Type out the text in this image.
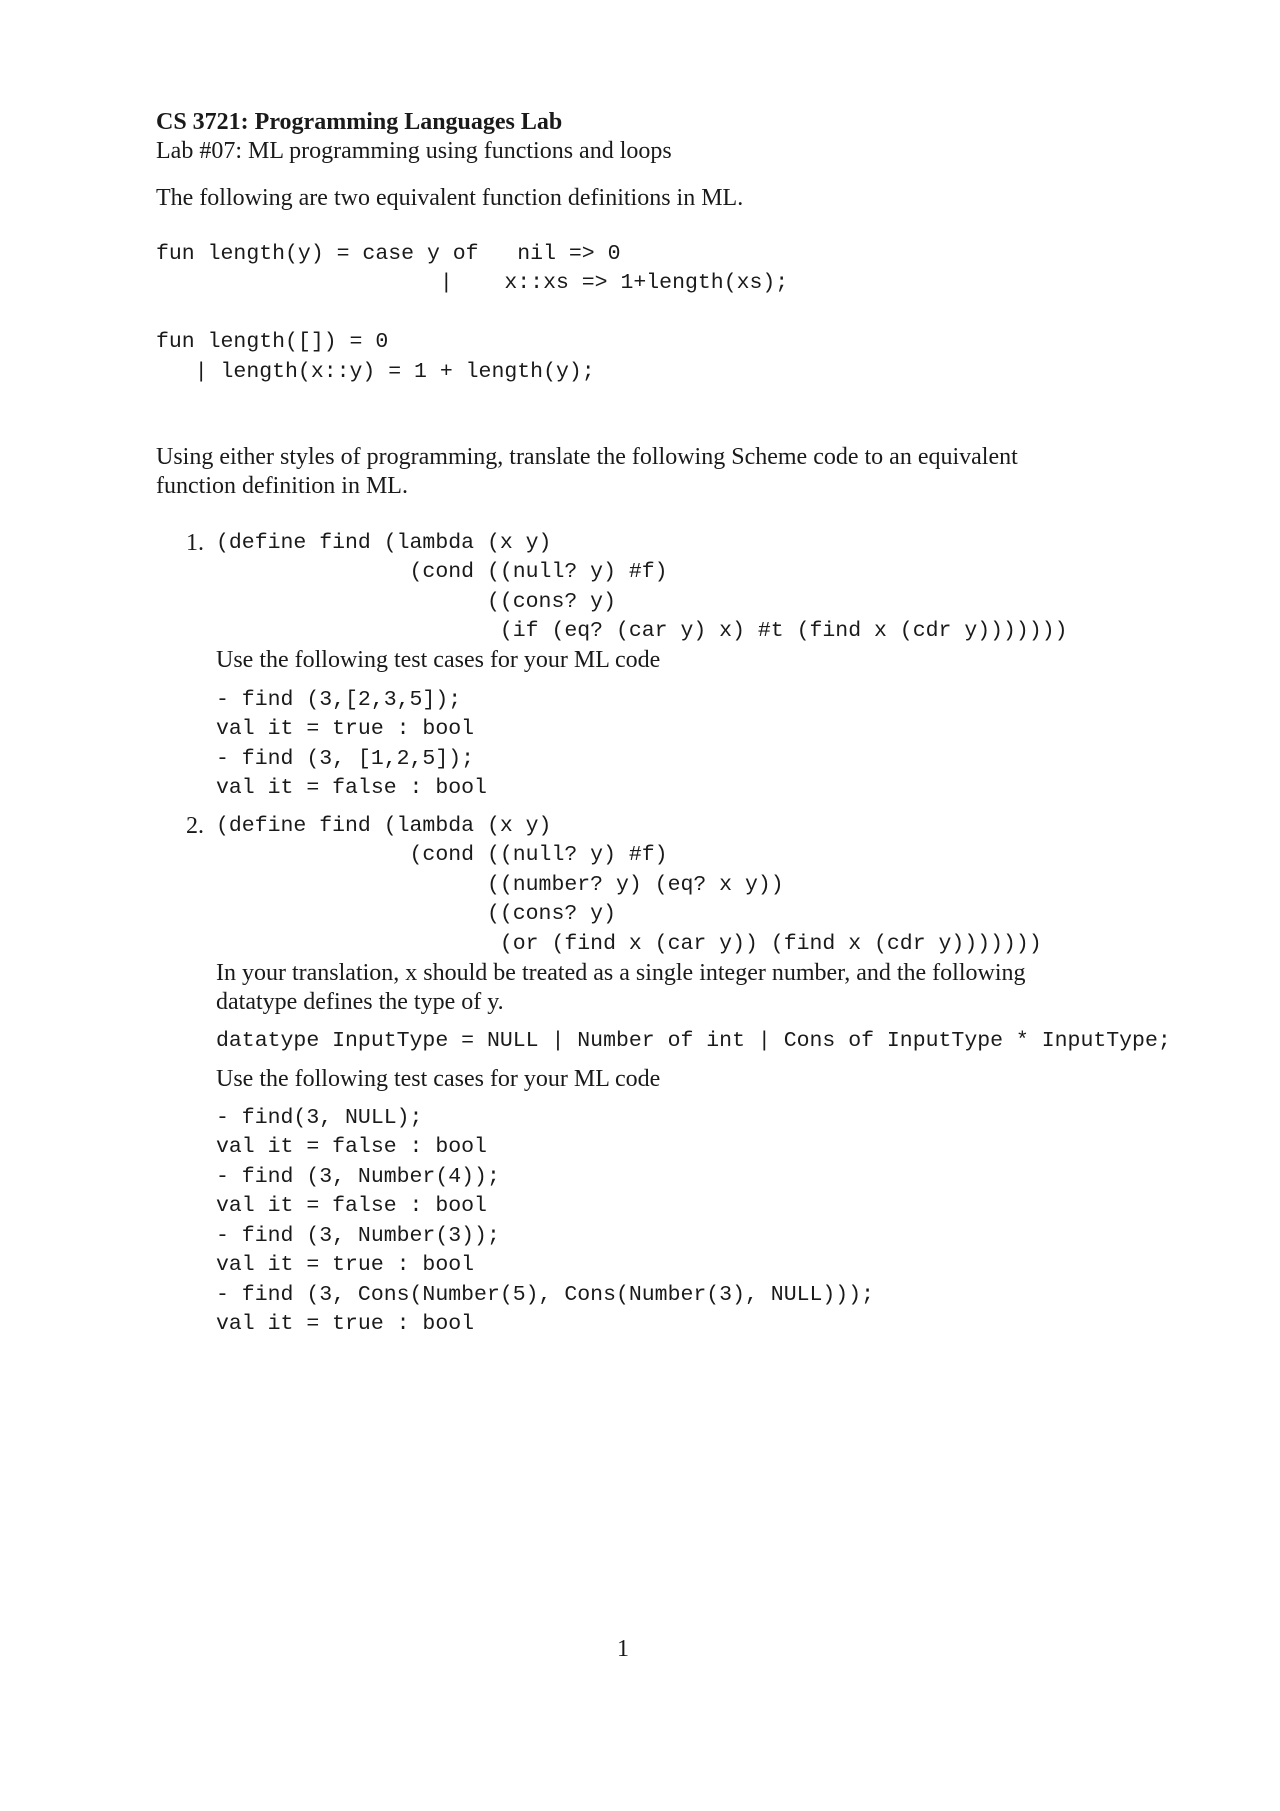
CS 3721: Programming Languages Lab
Lab #07: ML programming using functions and loops
The following are two equivalent function definitions in ML.
fun length(y) = case y of   nil => 0
|    x::xs => 1+length(xs);
fun length([]) = 0
| length(x::y) = 1 + length(y);
Using either styles of programming, translate the following Scheme code to an equivalent
function definition in ML.
1. (define find (lambda (x y)
(cond ((null? y) #f)
((cons? y)
(if (eq? (car y) x) #t (find x (cdr y)))))))
Use the following test cases for your ML code
- find (3,[2,3,5]);
val it = true : bool
- find (3, [1,2,5]);
val it = false : bool
2. (define find (lambda (x y)
(cond ((null? y) #f)
((number? y) (eq? x y))
((cons? y)
(or (find x (car y)) (find x (cdr y)))))))
In your translation, x should be treated as a single integer number, and the following
datatype defines the type of y.
datatype InputType = NULL | Number of int | Cons of InputType * InputType;
Use the following test cases for your ML code
- find(3, NULL);
val it = false : bool
- find (3, Number(4));
val it = false : bool
- find (3, Number(3));
val it = true : bool
- find (3, Cons(Number(5), Cons(Number(3), NULL)));
val it = true : bool
1
